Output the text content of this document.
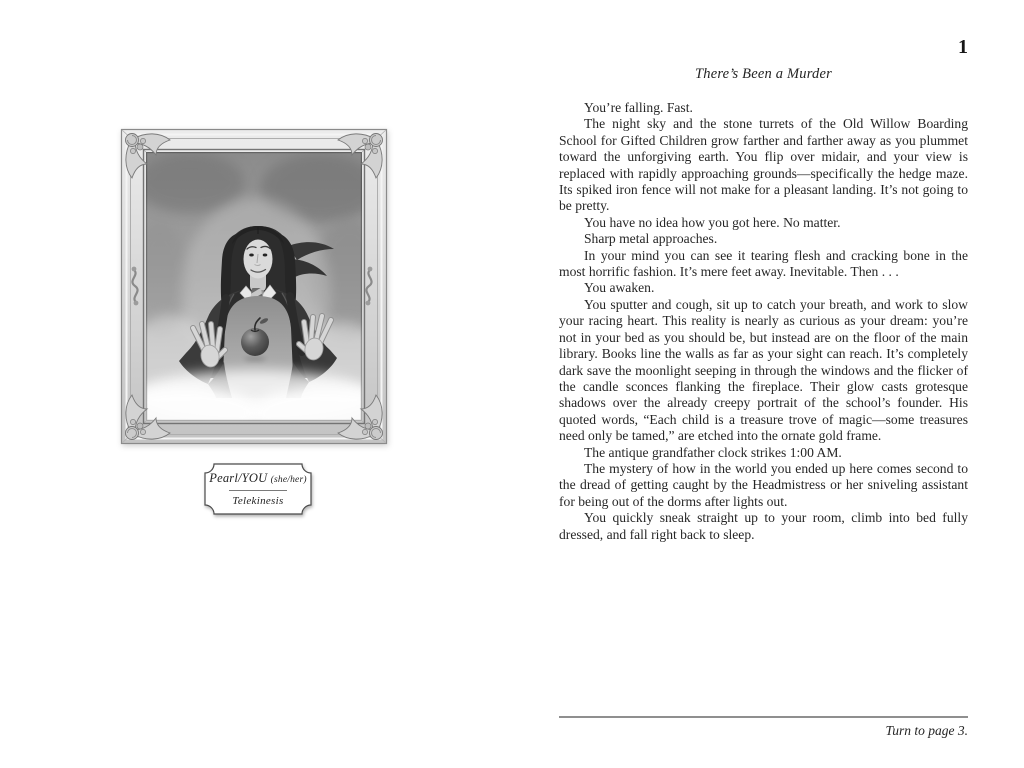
1
Pearl/YOU (she/her)
Telekinesis
There’s Been a Murder

You’re falling. Fast.

The night sky and the stone turrets of the Old Willow Boarding School for Gifted Children grow farther and farther away as you plummet toward the unforgiving earth. You flip over midair, and your view is replaced with rapidly approaching grounds—specifically the hedge maze. Its spiked iron fence will not make for a pleasant landing. It’s not going to be pretty.

You have no idea how you got here. No matter.

Sharp metal approaches.

In your mind you can see it tearing flesh and cracking bone in the most horrific fashion. It’s mere feet away. Inevitable. Then . . .

You awaken.

You sputter and cough, sit up to catch your breath, and work to slow your racing heart. This reality is nearly as curious as your dream: you’re not in your bed as you should be, but instead are on the floor of the main library. Books line the walls as far as your sight can reach. It’s completely dark save the moonlight seeping in through the windows and the flicker of the candle sconces flanking the fireplace. Their glow casts grotesque shadows over the already creepy portrait of the school’s founder. His quoted words, “Each child is a treasure trove of magic—some treasures need only be tamed,” are etched into the ornate gold frame.

The antique grandfather clock strikes 1:00 AM.

The mystery of how in the world you ended up here comes second to the dread of getting caught by the Headmistress or her sniveling assistant for being out of the dorms after lights out.

You quickly sneak straight up to your room, climb into bed fully dressed, and fall right back to sleep.

Turn to page 3.
